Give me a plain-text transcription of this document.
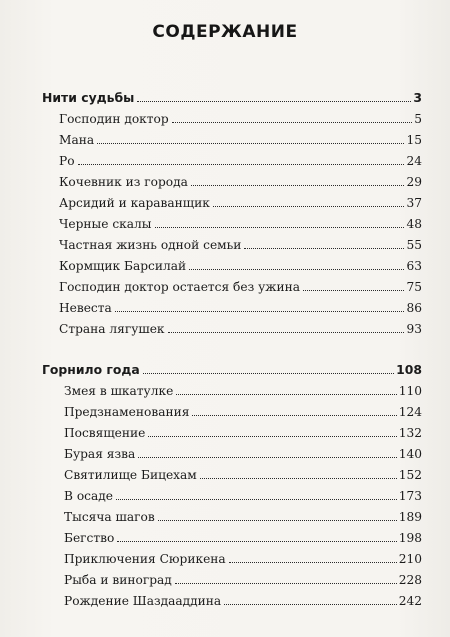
СОДЕРЖАНИЕ
Нити судьбы	3
Господин доктор	5
Мана	15
Ро	24
Кочевник из города	29
Арсидий и караванщик	37
Черные скалы	48
Частная жизнь одной семьи	55
Кормщик Барсилай	63
Господин доктор остается без ужина	75
Невеста	86
Страна лягушек	93
Горнило года	108
Змея в шкатулке	110
Предзнаменования	124
Посвящение	132
Бурая язва	140
Святилище Бицехам	152
В осаде	173
Тысяча шагов	189
Бегство	198
Приключения Сюрикена	210
Рыба и виноград	228
Рождение Шаздаaддина	242
